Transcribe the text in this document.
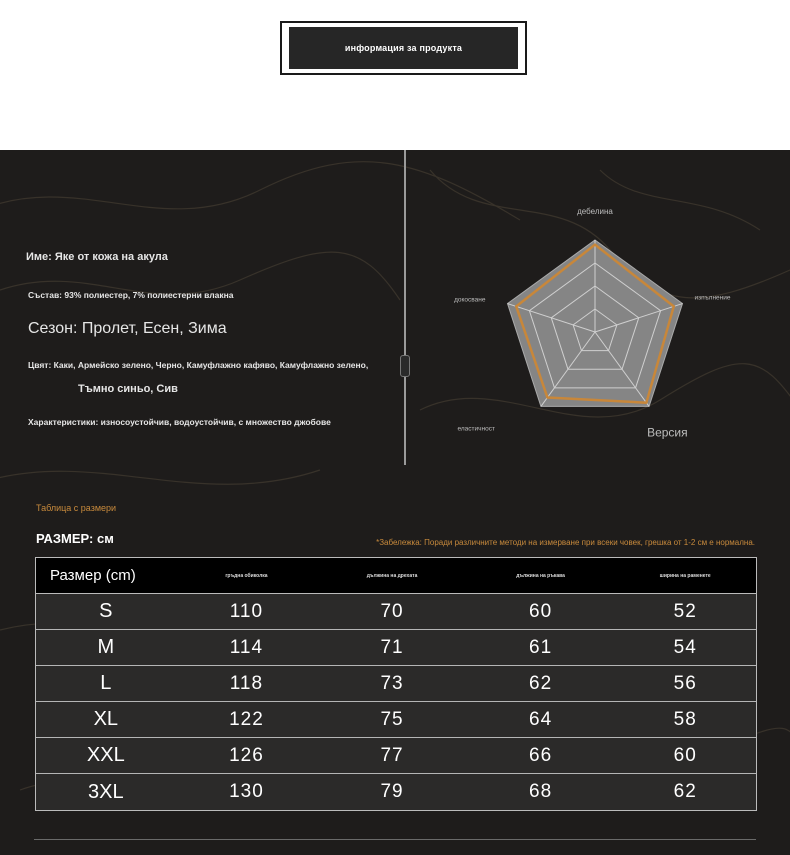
информация за продукта
Име: Яке от кожа на акула
Състав: 93% полиестер, 7% полиестерни влакна
Сезон: Пролет, Есен, Зима
Цвят: Каки, Армейско зелено, Черно, Камуфлажно кафяво, Камуфлажно зелено,
Тъмно синьо, Сив
Характеристики: износоустойчив, водоустойчив, с множество джобове
дебелина
изпълнение
Версия
еластичност
докосване
Таблица с размери
РАЗМЕР: см	*Забележка: Поради различните методи на измерване при всеки човек, грешка от 1-2 см е нормална.
Размер (cm)	гръдна обиколка	дължина на дрехата	дължина на ръкава	ширина на раменете
S	110	70	60	52
M	114	71	61	54
L	118	73	62	56
XL	122	75	64	58
XXL	126	77	66	60
3XL	130	79	68	62
